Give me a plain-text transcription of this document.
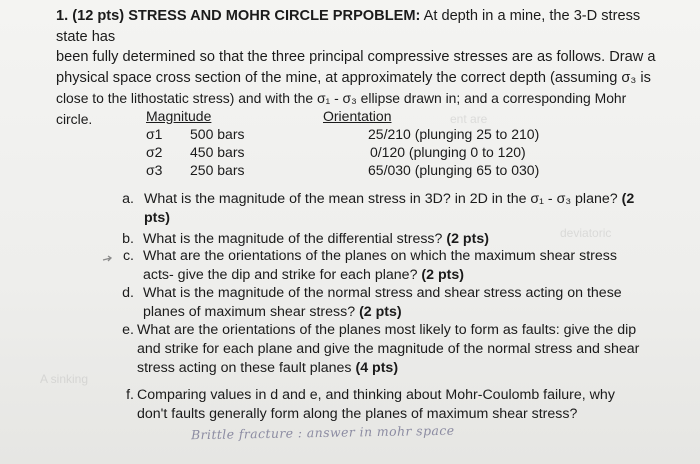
ent are
deviatoric
A sinking
1. (12 pts) STRESS AND MOHR CIRCLE PRPOBLEM: At depth in a mine, the 3-D stress state has
been fully determined so that the three principal compressive stresses are as follows. Draw a
physical space cross section of the mine, at approximately the correct depth (assuming σ₃ is
close to the lithostatic stress) and with the σ₁ - σ₃ ellipse drawn in; and a corresponding Mohr circle.	Magnitude	Orientation
σ1 500 bars	25/210 (plunging 25 to 210)
σ2 450 bars	0/120 (plunging 0 to 120)
σ3 250 bars	65/030 (plunging 65 to 030)
a. What is the magnitude of the mean stress in 3D? in 2D in the σ₁ - σ₃ plane? (2
pts)
b. What is the magnitude of the differential stress? (2 pts)
c. What are the orientations of the planes on which the maximum shear stress
acts- give the dip and strike for each plane? (2 pts)
d. What is the magnitude of the normal stress and shear stress acting on these
planes of maximum shear stress? (2 pts)
e. What are the orientations of the planes most likely to form as faults: give the dip
and strike for each plane and give the magnitude of the normal stress and shear
stress acting on these fault planes (4 pts)
f. Comparing values in d and e, and thinking about Mohr-Coulomb failure, why
don't faults generally form along the planes of maximum shear stress?
Brittle fracture : answer in mohr space
